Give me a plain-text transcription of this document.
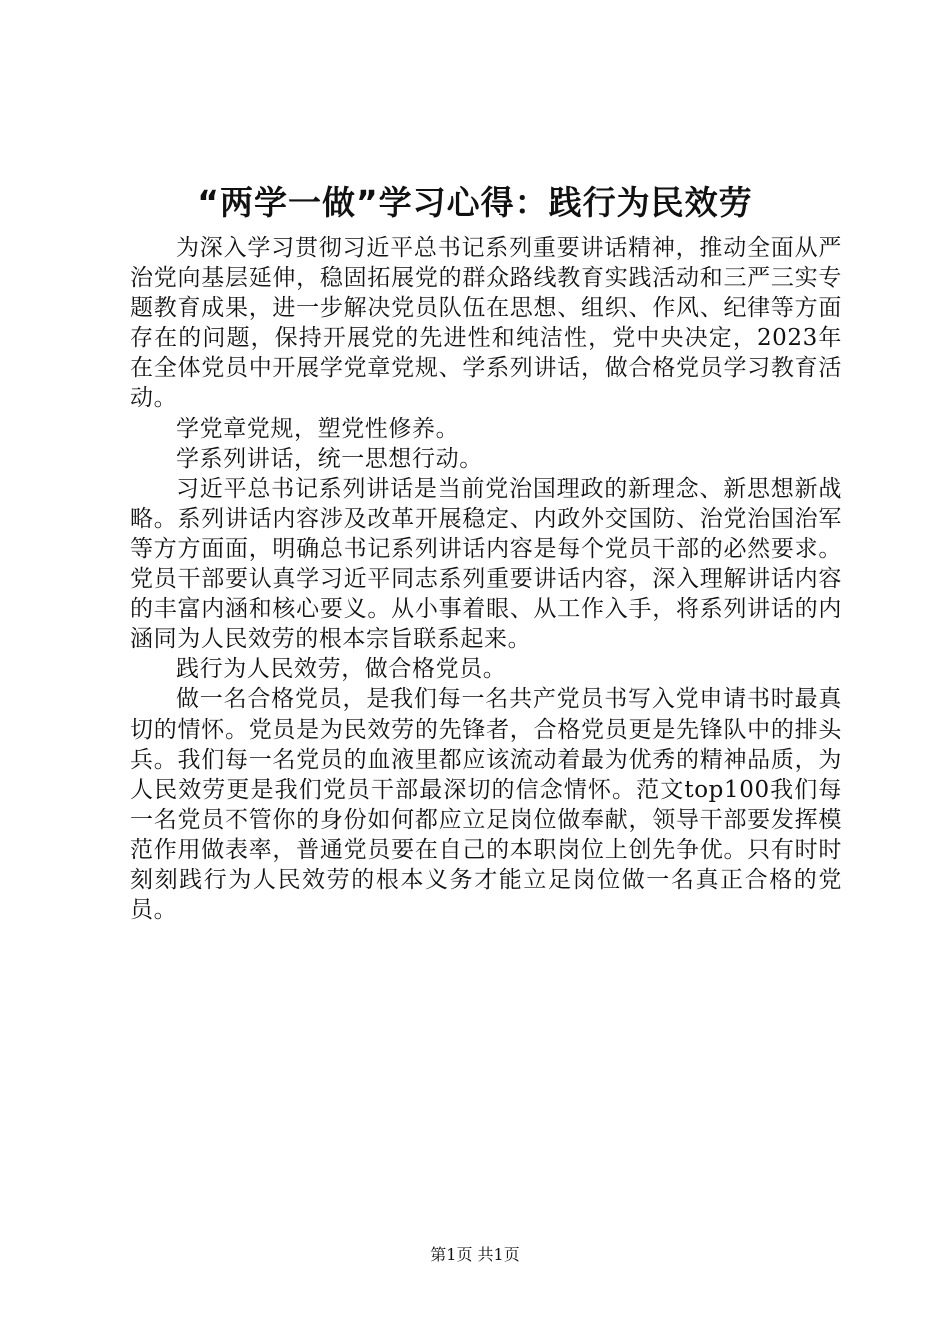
“两学一做”学习心得：践行为民效劳

为深入学习贯彻习近平总书记系列重要讲话精神，推动全面从严治党向基层延伸，稳固拓展党的群众路线教育实践活动和三严三实专题教育成果，进一步解决党员队伍在思想、组织、作风、纪律等方面存在的问题，保持开展党的先进性和纯洁性，党中央决定，2023年在全体党员中开展学党章党规、学系列讲话，做合格党员学习教育活动。

学党章党规，塑党性修养。

学系列讲话，统一思想行动。

习近平总书记系列讲话是当前党治国理政的新理念、新思想新战略。系列讲话内容涉及改革开展稳定、内政外交国防、治党治国治军等方方面面，明确总书记系列讲话内容是每个党员干部的必然要求。党员干部要认真学习近平同志系列重要讲话内容，深入理解讲话内容的丰富内涵和核心要义。从小事着眼、从工作入手，将系列讲话的内涵同为人民效劳的根本宗旨联系起来。

践行为人民效劳，做合格党员。

做一名合格党员，是我们每一名共产党员书写入党申请书时最真切的情怀。党员是为民效劳的先锋者，合格党员更是先锋队中的排头兵。我们每一名党员的血液里都应该流动着最为优秀的精神品质，为人民效劳更是我们党员干部最深切的信念情怀。范文top100我们每一名党员不管你的身份如何都应立足岗位做奉献，领导干部要发挥模范作用做表率，普通党员要在自己的本职岗位上创先争优。只有时时刻刻践行为人民效劳的根本义务才能立足岗位做一名真正合格的党员。

第1页 共1页
